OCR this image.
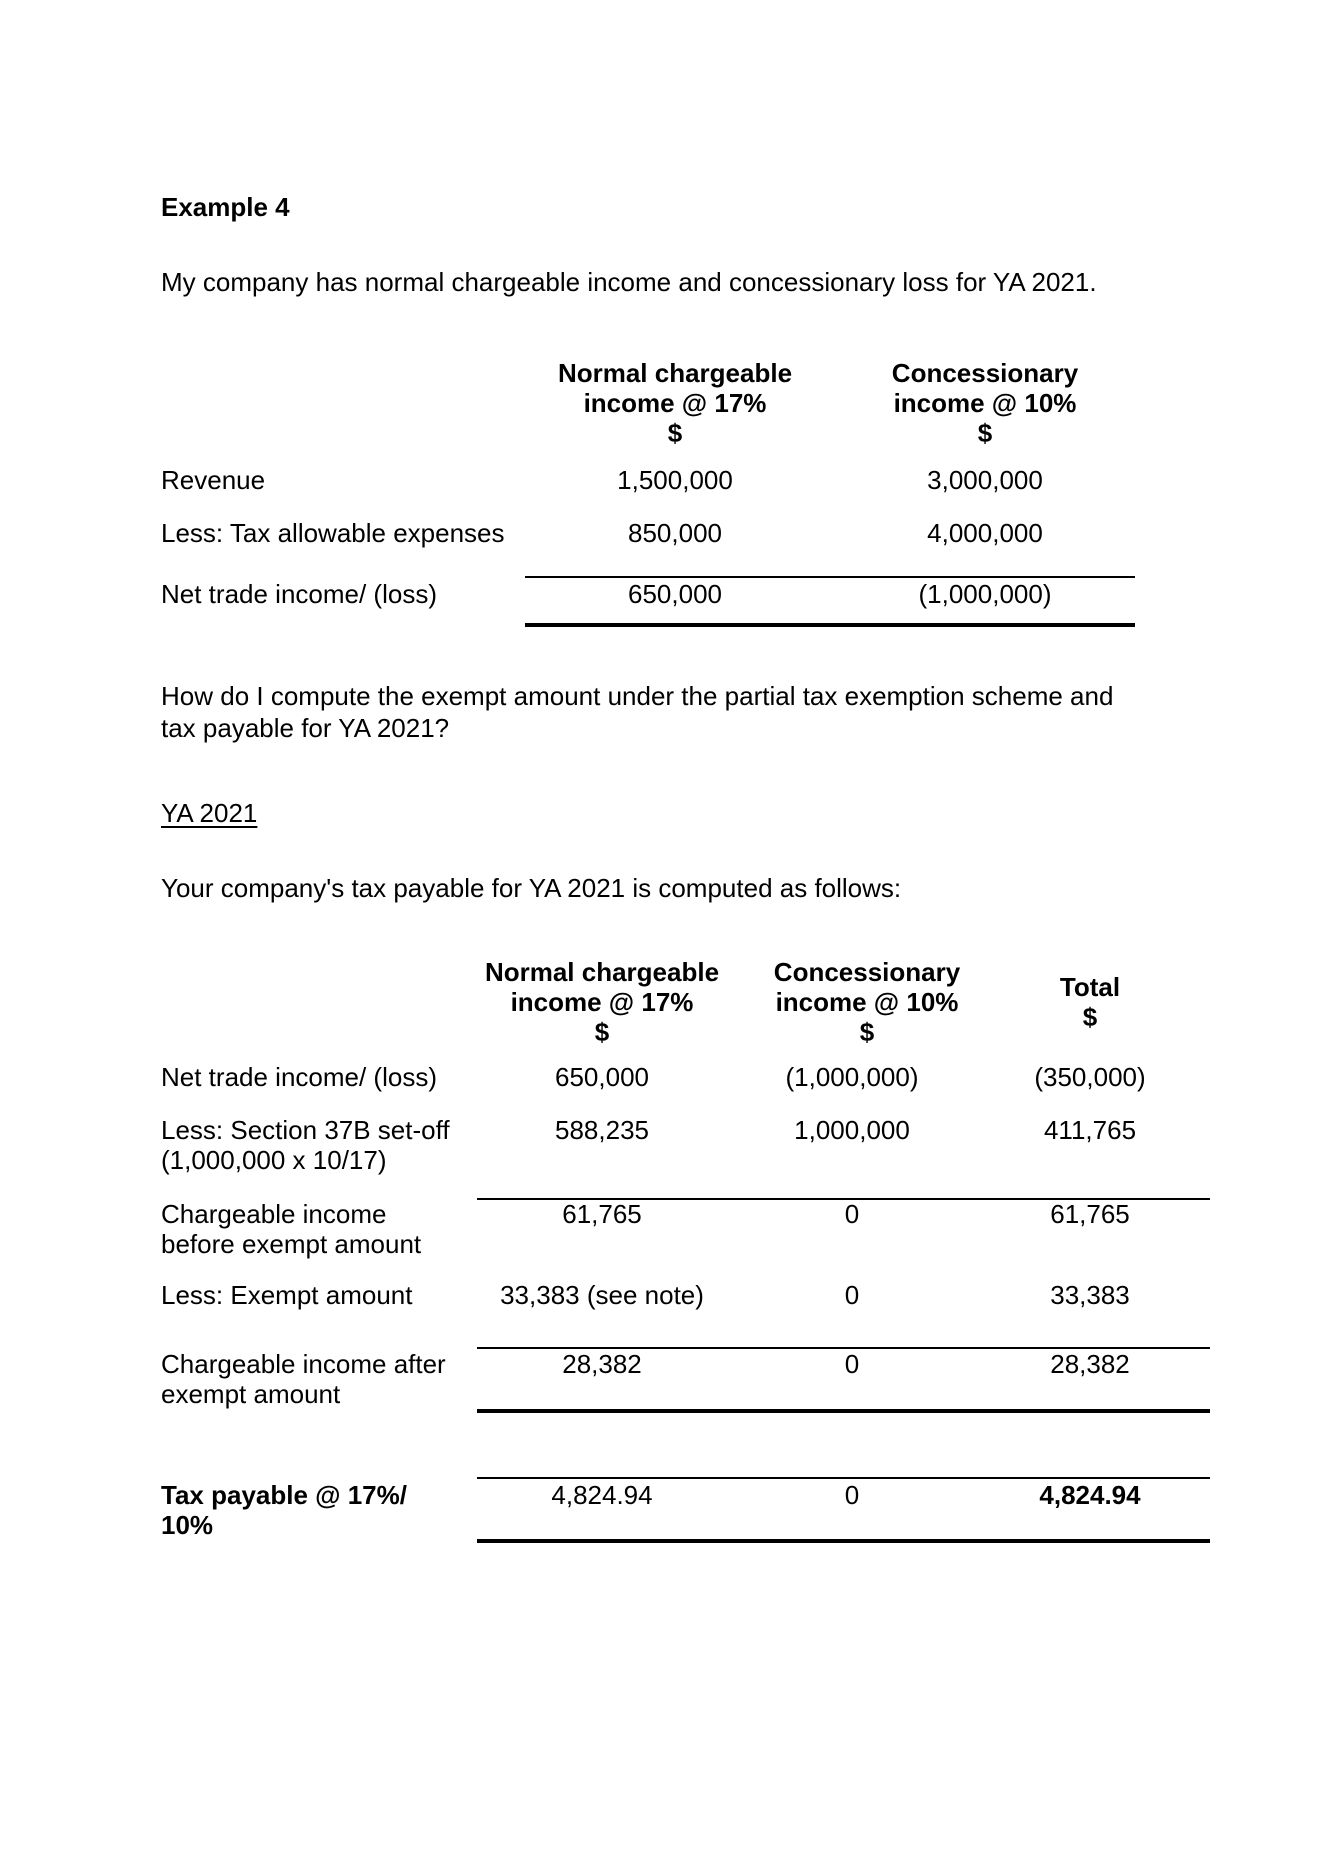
Example 4
My company has normal chargeable income and concessionary loss for YA 2021.
Normal chargeable
income @ 17%
$
Concessionary
income @ 10%
$
Revenue	1,500,000	3,000,000
Less: Tax allowable expenses	850,000	4,000,000
Net trade income/ (loss)	650,000	(1,000,000)
How do I compute the exempt amount under the partial tax exemption scheme and
tax payable for YA 2021?
YA 2021
Your company's tax payable for YA 2021 is computed as follows:
Normal chargeable
income @ 17%
$
Concessionary
income @ 10%
$
Total
$
Net trade income/ (loss)	650,000	(1,000,000)	(350,000)
Less: Section 37B set-off
(1,000,000 x 10/17)
588,235	1,000,000	411,765
Chargeable income
before exempt amount
61,765	0	61,765
Less: Exempt amount	33,383 (see note)	0	33,383
Chargeable income after
exempt amount
28,382	0	28,382
Tax payable @ 17%/
10%
4,824.94	0	4,824.94
